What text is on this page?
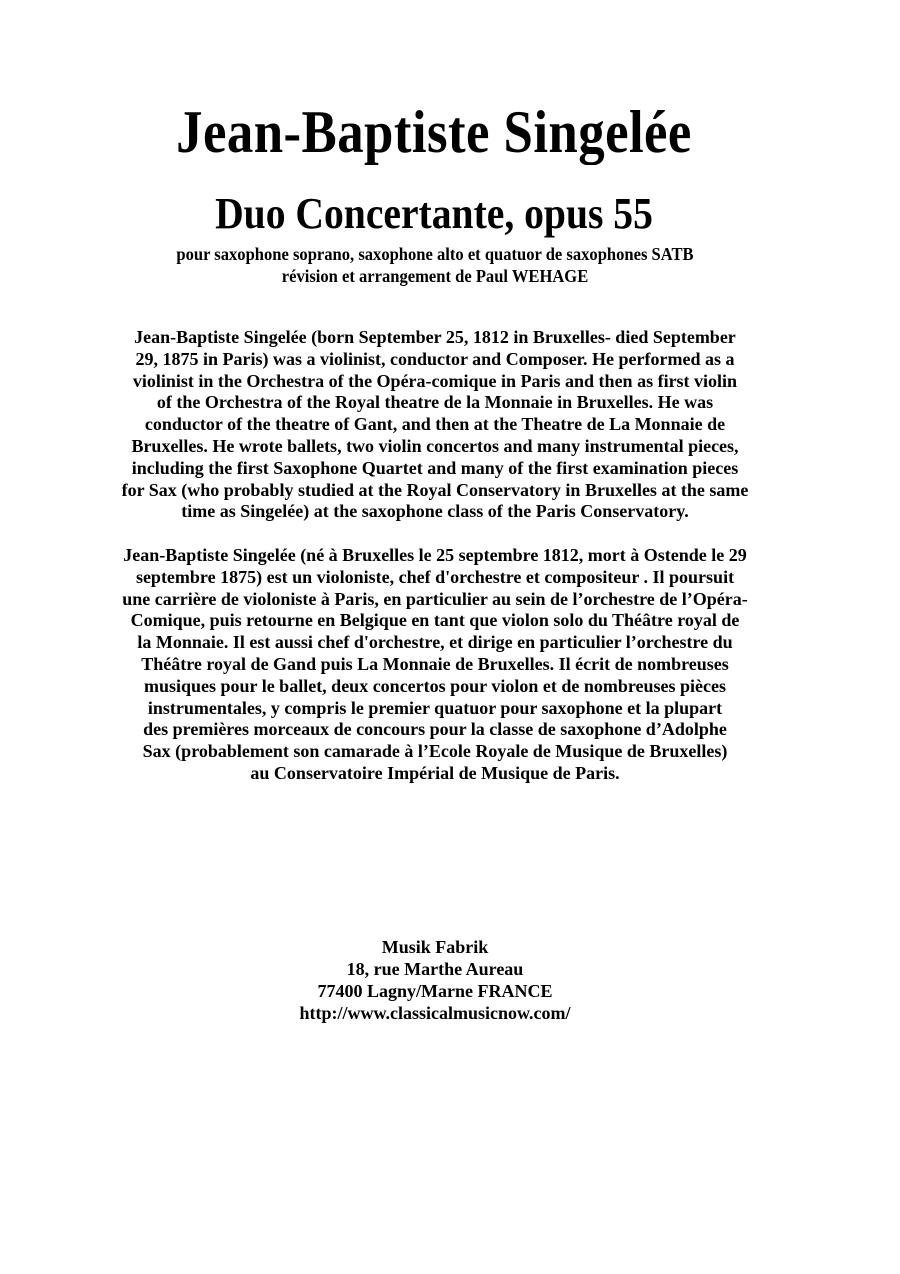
Jean-Baptiste Singelée
Duo Concertante, opus 55

pour saxophone soprano, saxophone alto et quatuor de saxophones SATB

révision et arrangement de Paul WEHAGE

Jean-Baptiste Singelée (born September 25, 1812 in Bruxelles- died September
29, 1875 in Paris) was a violinist, conductor and Composer. He performed as a
violinist in the Orchestra of the Opéra-comique in Paris and then as first violin
of the Orchestra of the Royal theatre de la Monnaie in Bruxelles. He was
conductor of the theatre of Gant, and then at the Theatre de La Monnaie de
Bruxelles. He wrote ballets, two violin concertos and many instrumental pieces,
including the first Saxophone Quartet and many of the first examination pieces
for Sax (who probably studied at the Royal Conservatory in Bruxelles at the same
time as Singelée) at the saxophone class of the Paris Conservatory.

Jean-Baptiste Singelée (né à Bruxelles le 25 septembre 1812, mort à Ostende le 29
septembre 1875) est un violoniste, chef d'orchestre et compositeur . Il poursuit
une carrière de violoniste à Paris, en particulier au sein de l’orchestre de l’Opéra-
Comique, puis retourne en Belgique en tant que violon solo du Théâtre royal de
la Monnaie. Il est aussi chef d'orchestre, et dirige en particulier l’orchestre du
Théâtre royal de Gand puis La Monnaie de Bruxelles. Il écrit de nombreuses
musiques pour le ballet, deux concertos pour violon et de nombreuses pièces
instrumentales, y compris le premier quatuor pour saxophone et la plupart
des premières morceaux de concours pour la classe de saxophone d’Adolphe
Sax (probablement son camarade à l’Ecole Royale de Musique de Bruxelles)
au Conservatoire Impérial de Musique de Paris.

Musik Fabrik
18, rue Marthe Aureau
77400 Lagny/Marne FRANCE
http://www.classicalmusicnow.com/
